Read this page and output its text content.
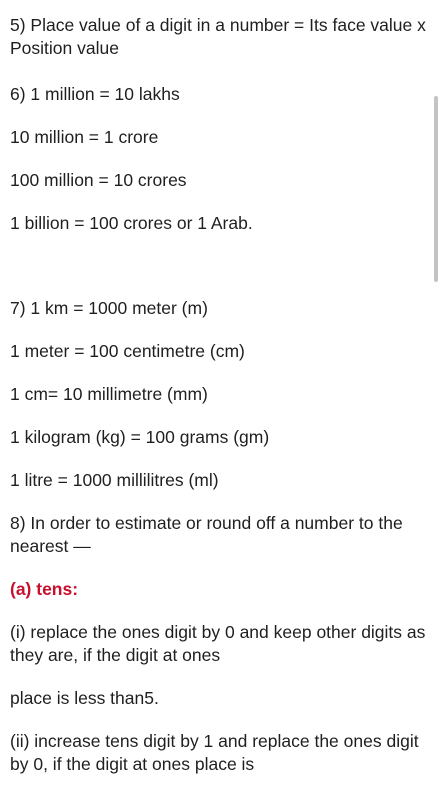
5) Place value of a digit in a number = Its face value x Position value

6) 1 million = 10 lakhs

10 million = 1 crore

100 million = 10 crores

1 billion = 100 crores or 1 Arab.

7) 1 km = 1000 meter (m)

1 meter = 100 centimetre (cm)

1 cm= 10 millimetre (mm)

1 kilogram (kg) = 100 grams (gm)

1 litre = 1000 millilitres (ml)

8) In order to estimate or round off a number to the nearest —

(a) tens:

(i) replace the ones digit by 0 and keep other digits as they are, if the digit at ones

place is less than5.

(ii) increase tens digit by 1 and replace the ones digit by 0, if the digit at ones place is
